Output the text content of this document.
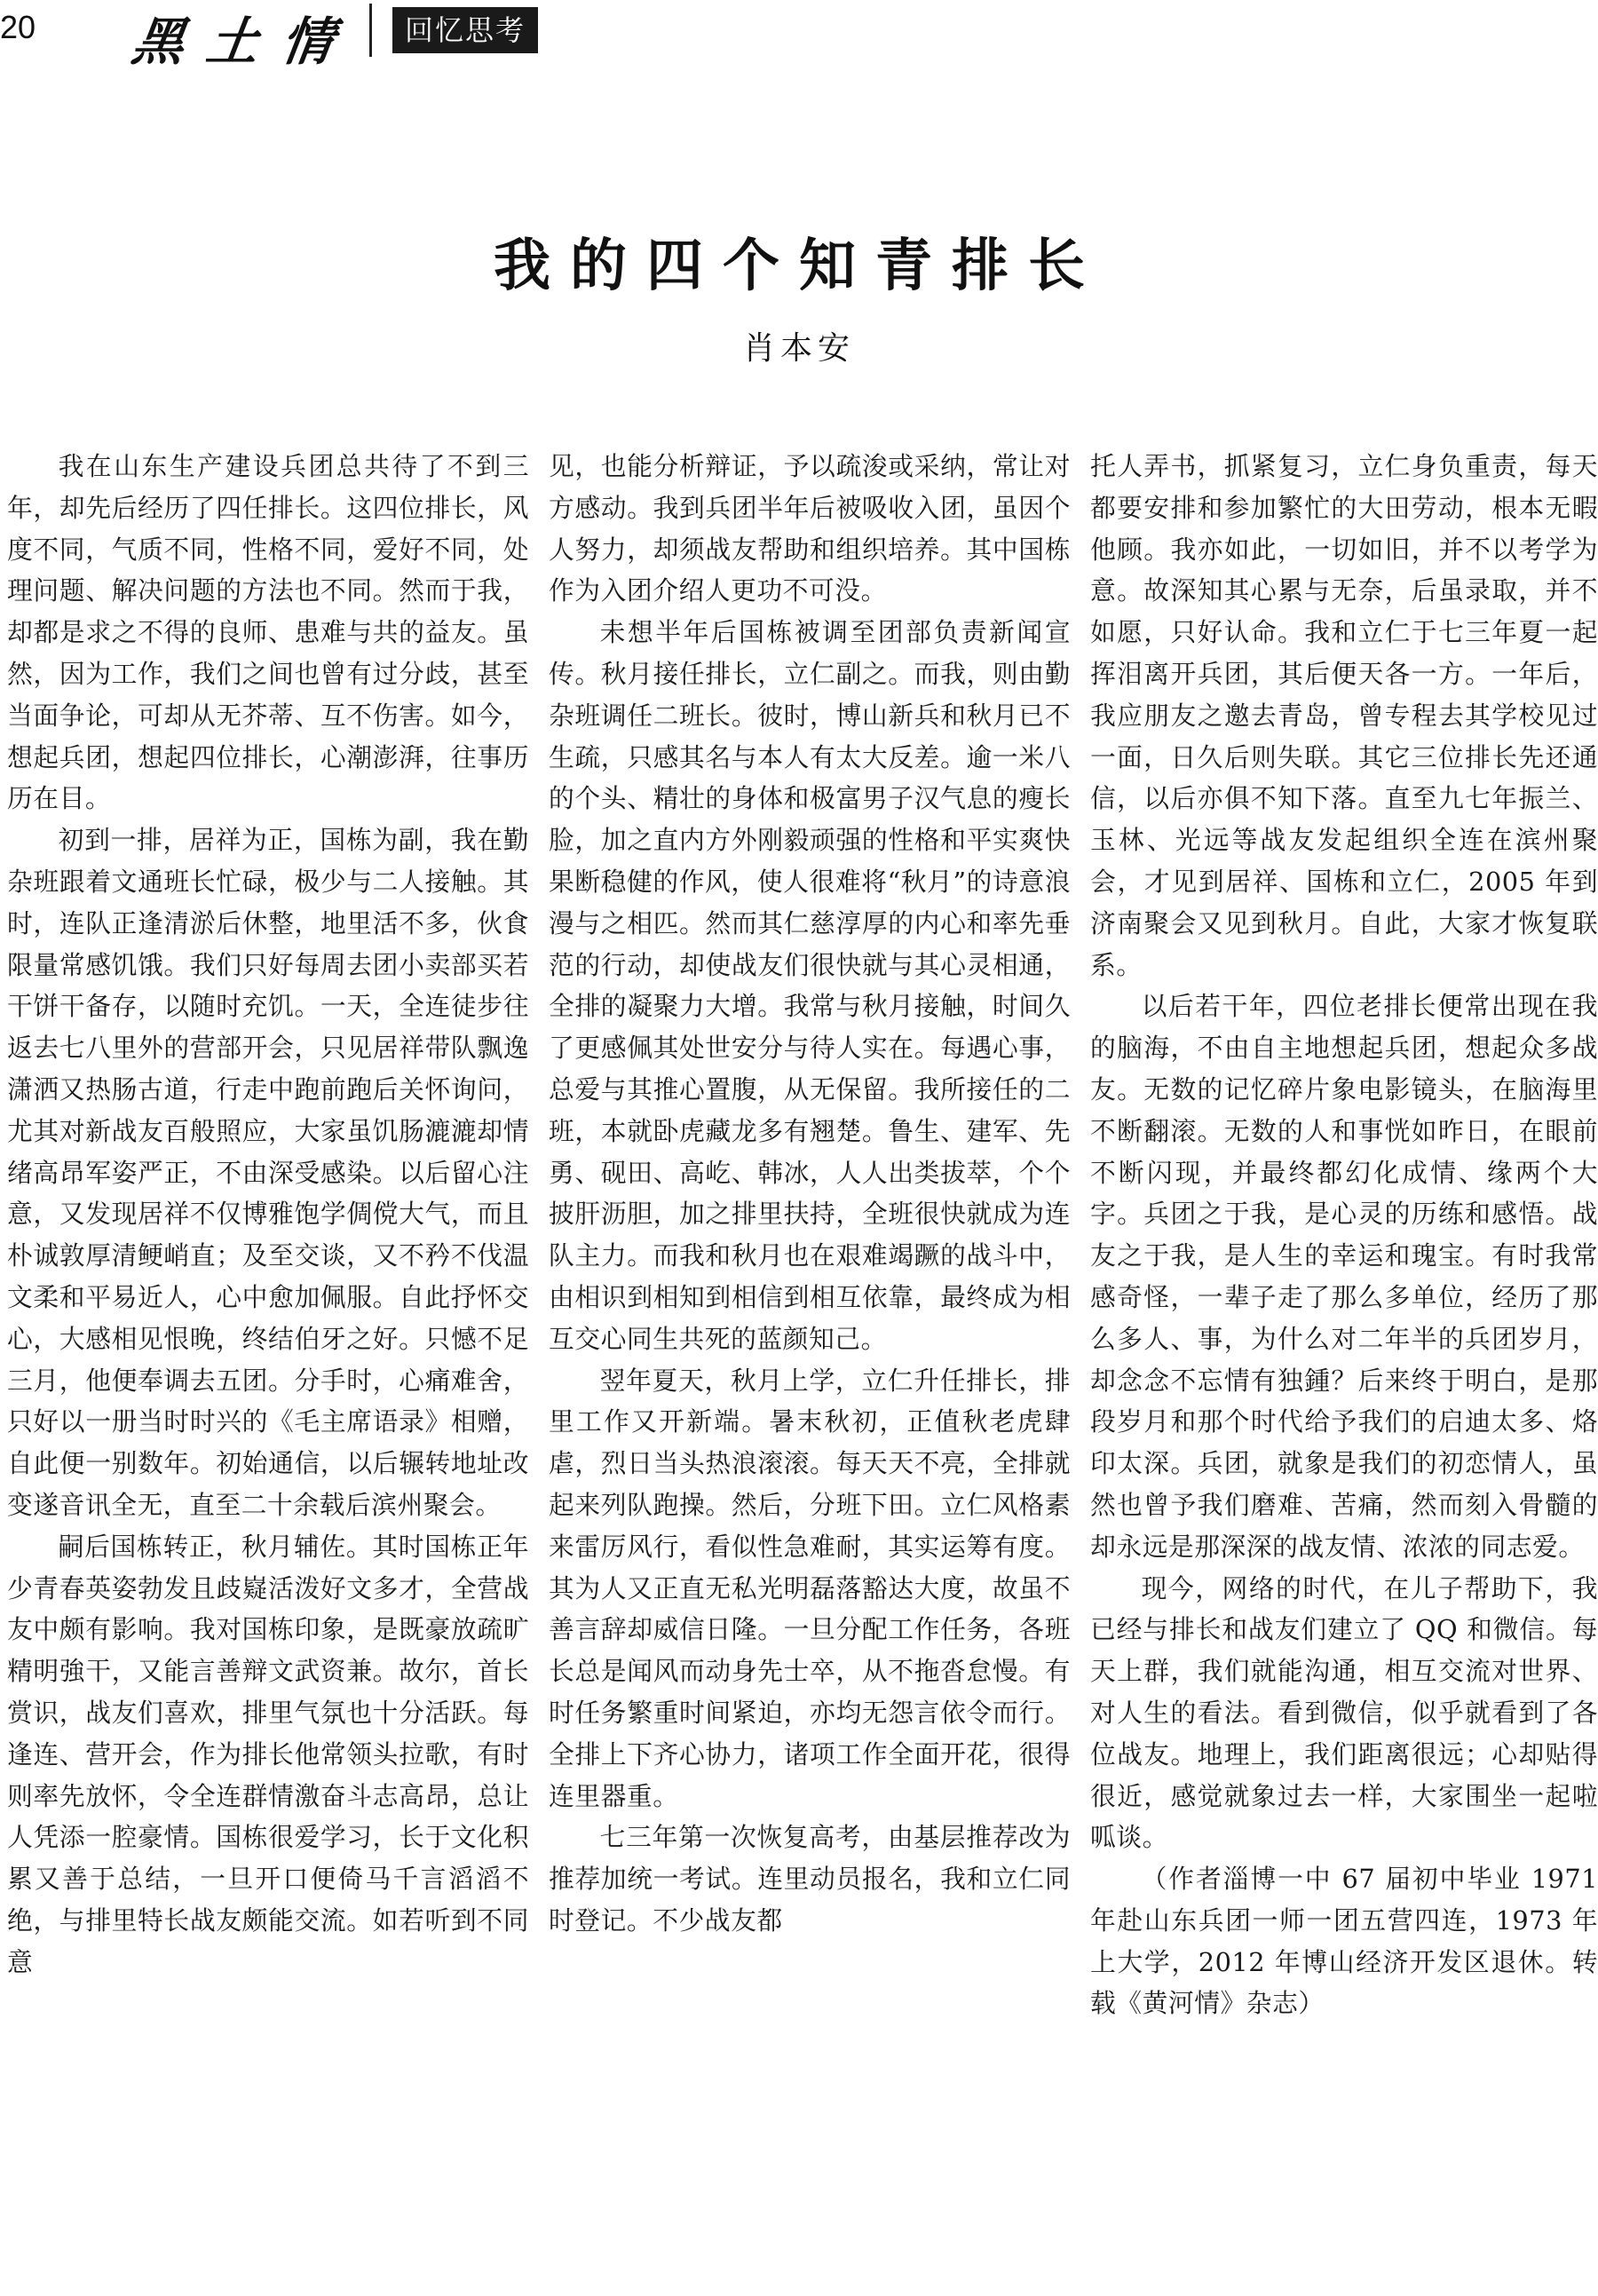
20 黑土情	回忆思考
我的四个知青排长
肖本安

我在山东生产建设兵团总共待了不到三年，却先后经历了四任排长。这四位排长，风度不同，气质不同，性格不同，爱好不同，处理问题、解决问题的方法也不同。然而于我，却都是求之不得的良师、患难与共的益友。虽然，因为工作，我们之间也曾有过分歧，甚至当面争论，可却从无芥蒂、互不伤害。如今，想起兵团，想起四位排长，心潮澎湃，往事历历在目。

初到一排，居祥为正，国栋为副，我在勤杂班跟着文通班长忙碌，极少与二人接触。其时，连队正逢清淤后休整，地里活不多，伙食限量常感饥饿。我们只好每周去团小卖部买若干饼干备存，以随时充饥。一天，全连徒步往返去七八里外的营部开会，只见居祥带队飘逸潇洒又热肠古道，行走中跑前跑后关怀询问，尤其对新战友百般照应，大家虽饥肠漉漉却情绪高昂军姿严正，不由深受感染。以后留心注意，又发现居祥不仅博雅饱学倜傥大气，而且朴诚敦厚清鲠峭直；及至交谈，又不矜不伐温文柔和平易近人，心中愈加佩服。自此抒怀交心，大感相见恨晚，终结伯牙之好。只憾不足三月，他便奉调去五团。分手时，心痛难舍，只好以一册当时时兴的《毛主席语录》相赠，自此便一别数年。初始通信，以后辗转地址改变遂音讯全无，直至二十余载后滨州聚会。

嗣后国栋转正，秋月辅佐。其时国栋正年少青春英姿勃发且歧嶷活泼好文多才，全营战友中颇有影响。我对国栋印象，是既豪放疏旷精明強干，又能言善辩文武资兼。故尔，首长赏识，战友们喜欢，排里气氛也十分活跃。每逢连、营开会，作为排长他常领头拉歌，有时则率先放怀，令全连群情激奋斗志高昂，总让人凭添一腔豪情。国栋很爱学习，长于文化积累又善于总结，一旦开口便倚马千言滔滔不绝，与排里特长战友颇能交流。如若听到不同意

见，也能分析辩证，予以疏浚或采纳，常让对方感动。我到兵团半年后被吸收入团，虽因个人努力，却须战友帮助和组织培养。其中国栋作为入团介绍人更功不可没。

未想半年后国栋被调至团部负责新闻宣传。秋月接任排长，立仁副之。而我，则由勤杂班调任二班长。彼时，博山新兵和秋月已不生疏，只感其名与本人有太大反差。逾一米八的个头、精壮的身体和极富男子汉气息的瘦长脸，加之直内方外刚毅顽强的性格和平实爽快果断稳健的作风，使人很难将“秋月”的诗意浪漫与之相匹。然而其仁慈淳厚的内心和率先垂范的行动，却使战友们很快就与其心灵相通，全排的凝聚力大增。我常与秋月接触，时间久了更感佩其处世安分与待人实在。每遇心事，总爱与其推心置腹，从无保留。我所接任的二班，本就卧虎藏龙多有翘楚。鲁生、建军、先勇、砚田、高屹、韩冰，人人出类拔萃，个个披肝沥胆，加之排里扶持，全班很快就成为连队主力。而我和秋月也在艰难竭蹶的战斗中，由相识到相知到相信到相互依靠，最终成为相互交心同生共死的蓝颜知己。

翌年夏天，秋月上学，立仁升任排长，排里工作又开新端。暑末秋初，正值秋老虎肆虐，烈日当头热浪滚滚。每天天不亮，全排就起来列队跑操。然后，分班下田。立仁风格素来雷厉风行，看似性急难耐，其实运筹有度。其为人又正直无私光明磊落豁达大度，故虽不善言辞却威信日隆。一旦分配工作任务，各班长总是闻风而动身先士卒，从不拖沓怠慢。有时任务繁重时间紧迫，亦均无怨言依令而行。全排上下齐心协力，诸项工作全面开花，很得连里器重。

七三年第一次恢复高考，由基层推荐改为推荐加统一考试。连里动员报名，我和立仁同时登记。不少战友都

托人弄书，抓紧复习，立仁身负重责，每天都要安排和参加繁忙的大田劳动，根本无暇他顾。我亦如此，一切如旧，并不以考学为意。故深知其心累与无奈，后虽录取，并不如愿，只好认命。我和立仁于七三年夏一起挥泪离开兵团，其后便天各一方。一年后，我应朋友之邀去青岛，曾专程去其学校见过一面，日久后则失联。其它三位排长先还通信，以后亦俱不知下落。直至九七年振兰、玉林、光远等战友发起组织全连在滨州聚会，才见到居祥、国栋和立仁，2005 年到济南聚会又见到秋月。自此，大家才恢复联系。

以后若干年，四位老排长便常出现在我的脑海，不由自主地想起兵团，想起众多战友。无数的记忆碎片象电影镜头，在脑海里不断翻滚。无数的人和事恍如昨日，在眼前不断闪现，并最终都幻化成情、缘两个大字。兵团之于我，是心灵的历练和感悟。战友之于我，是人生的幸运和瑰宝。有时我常感奇怪，一辈子走了那么多单位，经历了那么多人、事，为什么对二年半的兵团岁月，却念念不忘情有独鍾？后来终于明白，是那段岁月和那个时代给予我们的启迪太多、烙印太深。兵团，就象是我们的初恋情人，虽然也曾予我们磨难、苦痛，然而刻入骨髓的却永远是那深深的战友情、浓浓的同志爱。

现今，网络的时代，在儿子帮助下，我已经与排长和战友们建立了 QQ 和微信。每天上群，我们就能沟通，相互交流对世界、对人生的看法。看到微信，似乎就看到了各位战友。地理上，我们距离很远；心却贴得很近，感觉就象过去一样，大家围坐一起啦呱谈。

（作者淄博一中 67 届初中毕业 1971 年赴山东兵团一师一团五营四连，1973 年上大学，2012 年博山经济开发区退休。转载《黄河情》杂志）
